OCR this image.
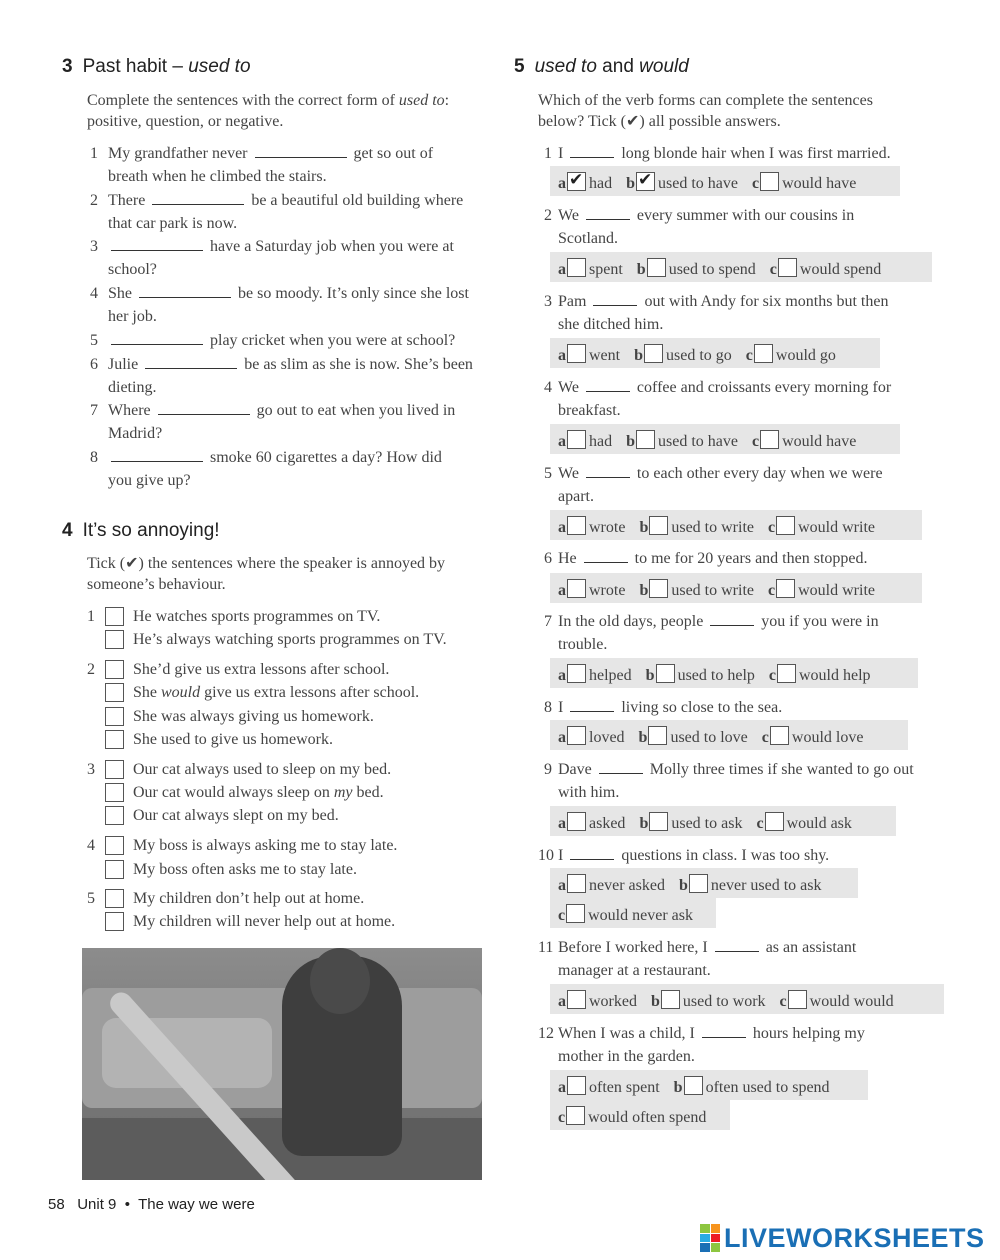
3 Past habit – used to
Complete the sentences with the correct form of used to:
positive, question, or negative.
1 My grandfather never	get so out of
breath when he climbed the stairs.
2 There	be a beautiful old building where
that car park is now.
3	have a Saturday job when you were at
school?
4 She	be so moody. It’s only since she lost
her job.
5	play cricket when you were at school?
6 Julie	be as slim as she is now. She’s been
dieting.
7 Where	go out to eat when you lived in
Madrid?
8	smoke 60 cigarettes a day? How did
you give up?
4 It’s so annoying!
Tick (✔) the sentences where the speaker is annoyed by
someone’s behaviour.
1 He watches sports programmes on TV.
He’s always watching sports programmes on TV.
2 She’d give us extra lessons after school.
She would give us extra lessons after school.
She was always giving us homework.
She used to give us homework.
3 Our cat always used to sleep on my bed.
Our cat would always sleep on my bed.
Our cat always slept on my bed.
4 My boss is always asking me to stay late.
My boss often asks me to stay late.
5 My children don’t help out at home.
My children will never help out at home.
5 used to and would
Which of the verb forms can complete the sentences
below? Tick (✔) all possible answers.
1 I	long blonde hair when I was first married.
a ✔ had b ✔ used to have c would have
2 We	every summer with our cousins in
Scotland.
a spent b used to spend c would spend
3 Pam	out with Andy for six months but then
she ditched him.
a went b used to go c would go
4 We	coffee and croissants every morning for
breakfast.
a had b used to have c would have
5 We	to each other every day when we were
apart.
a wrote b used to write c would write
6 He	to me for 20 years and then stopped.
a wrote b used to write c would write
7 In the old days, people	you if you were in
trouble.
a helped b used to help c would help
8 I	living so close to the sea.
a loved b used to love c would love
9 Dave	Molly three times if she wanted to go out
with him.
a asked b used to ask c would ask
10 I	questions in class. I was too shy.
a never asked b never used to ask
c would never ask
11 Before I worked here, I	as an assistant
manager at a restaurant.
a worked b used to work c would would
12 When I was a child, I	hours helping my
mother in the garden.
a often spent b often used to spend
c would often spend
58 Unit 9 • The way we were
LIVEWORKSHEETS
